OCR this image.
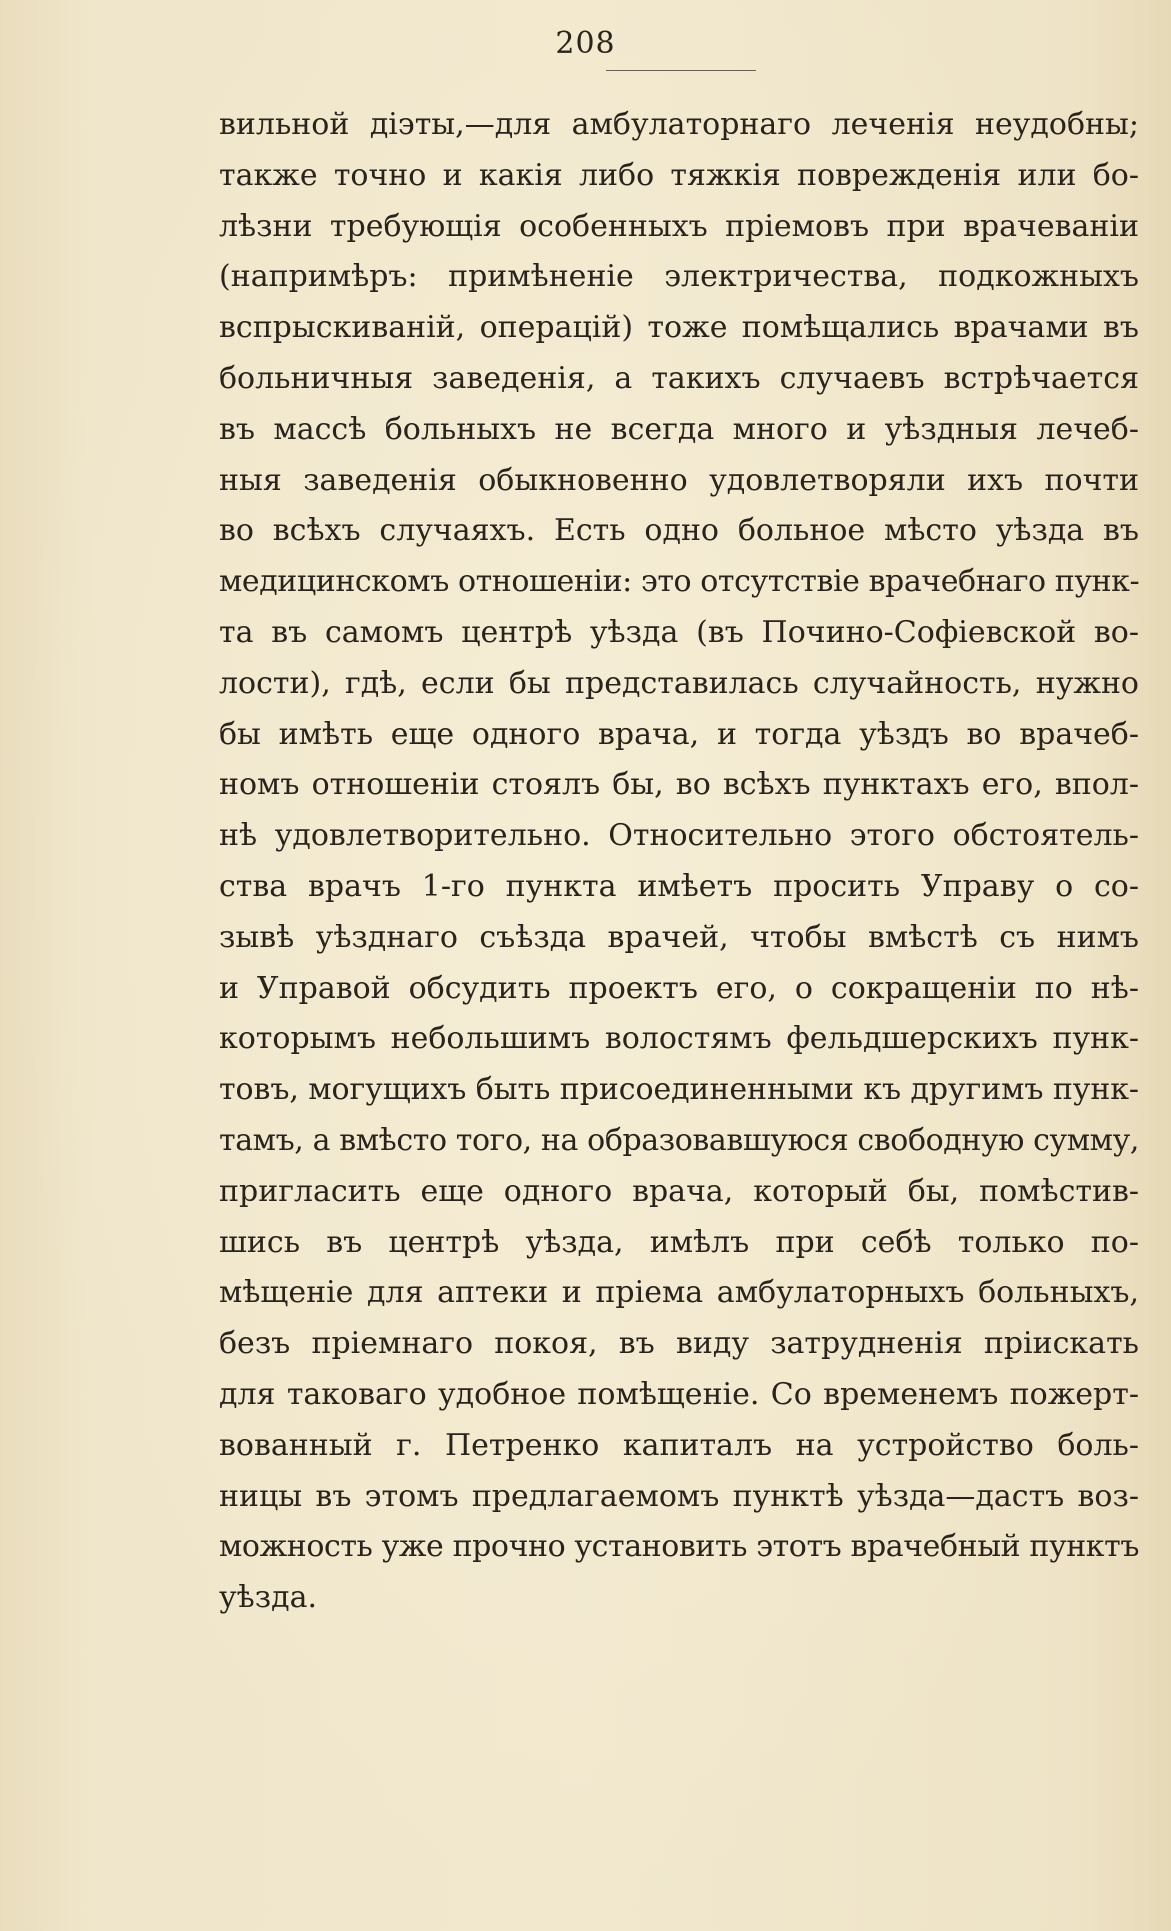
208
вильной діэты,—для амбулаторнаго леченія неудобны;
также точно и какія либо тяжкія поврежденія или бо-
лѣзни требующія особенныхъ пріемовъ при врачеваніи
(напримѣръ: примѣненіе электричества, подкожныхъ
вспрыскиваній, операцій) тоже помѣщались врачами въ
больничныя заведенія, а такихъ случаевъ встрѣчается
въ массѣ больныхъ не всегда много и уѣздныя лечеб-
ныя заведенія обыкновенно удовлетворяли ихъ почти
во всѣхъ случаяхъ. Есть одно больное мѣсто уѣзда въ
медицинскомъ отношеніи: это отсутствіе врачебнаго пунк-
та въ самомъ центрѣ уѣзда (въ Почино-Софіевской во-
лости), гдѣ, если бы представилась случайность, нужно
бы имѣть еще одного врача, и тогда уѣздъ во врачеб-
номъ отношеніи стоялъ бы, во всѣхъ пунктахъ его, впол-
нѣ удовлетворительно. Относительно этого обстоятель-
ства врачъ 1-го пункта имѣетъ просить Управу о со-
зывѣ уѣзднаго съѣзда врачей, чтобы вмѣстѣ съ нимъ
и Управой обсудить проектъ его, о сокращеніи по нѣ-
которымъ небольшимъ волостямъ фельдшерскихъ пунк-
товъ, могущихъ быть присоединенными къ другимъ пунк-
тамъ, а вмѣсто того, на образовавшуюся свободную сумму,
пригласить еще одного врача, который бы, помѣстив-
шись въ центрѣ уѣзда, имѣлъ при себѣ только по-
мѣщеніе для аптеки и пріема амбулаторныхъ больныхъ,
безъ пріемнаго покоя, въ виду затрудненія пріискать
для таковаго удобное помѣщеніе. Со временемъ пожерт-
вованный г. Петренко капиталъ на устройство боль-
ницы въ этомъ предлагаемомъ пунктѣ уѣзда—дастъ воз-
можность уже прочно установить этотъ врачебный пунктъ
уѣзда.
